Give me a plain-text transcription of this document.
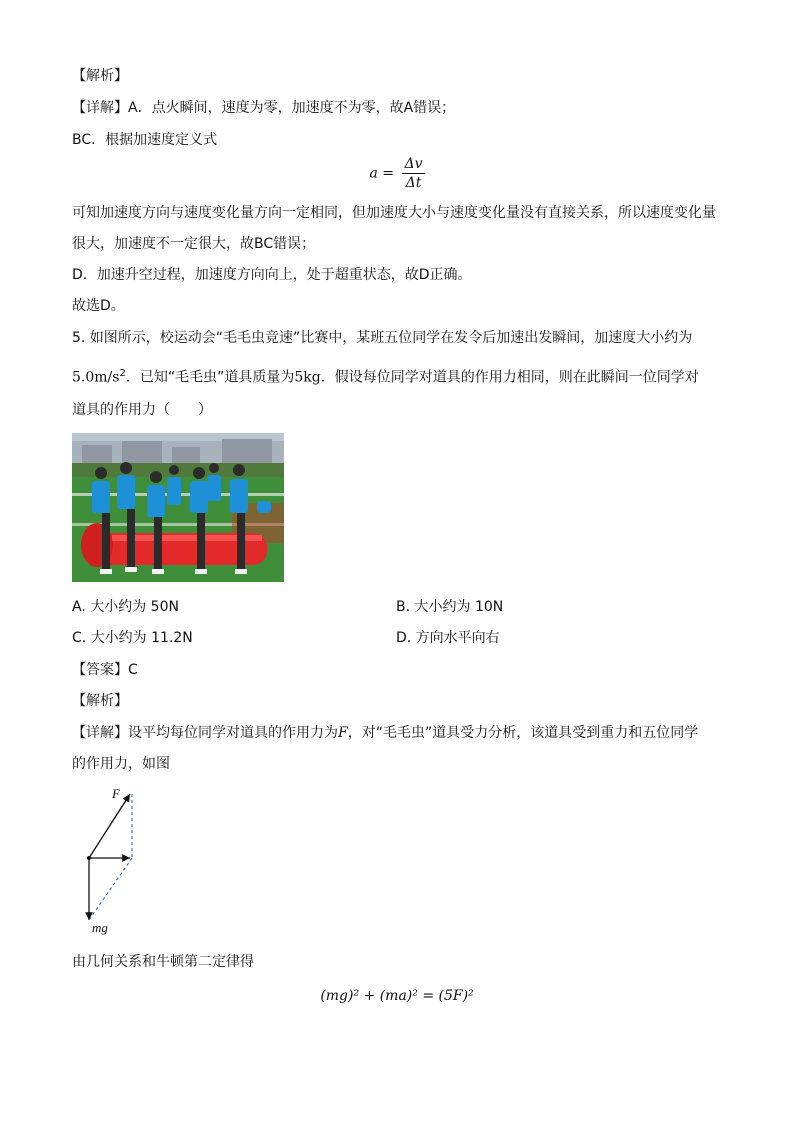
【解析】
【详解】A．点火瞬间，速度为零，加速度不为零，故A错误；
BC．根据加速度定义式
$a = \frac{\Delta v}{\Delta t}$
可知加速度方向与速度变化量方向一定相同，但加速度大小与速度变化量没有直接关系，所以速度变化量
很大，加速度不一定很大，故BC错误；
D．加速升空过程，加速度方向向上，处于超重状态，故D正确。
故选D。
5. 如图所示，校运动会“毛毛虫竞速”比赛中，某班五位同学在发令后加速出发瞬间，加速度大小约为
$5.0m/s^2$．已知“毛毛虫”道具质量为5kg．假设每位同学对道具的作用力相同，则在此瞬间一位同学对
道具的作用力（　　）
A. 大小约为 50N	B. 大小约为 10N
C. 大小约为 11.2N	D. 方向水平向右
【答案】C
【解析】
【详解】设平均每位同学对道具的作用力为F，对“毛毛虫”道具受力分析，该道具受到重力和五位同学
的作用力，如图
F
mg
由几何关系和牛顿第二定律得
(mg)² + (ma)² = (5F)²
